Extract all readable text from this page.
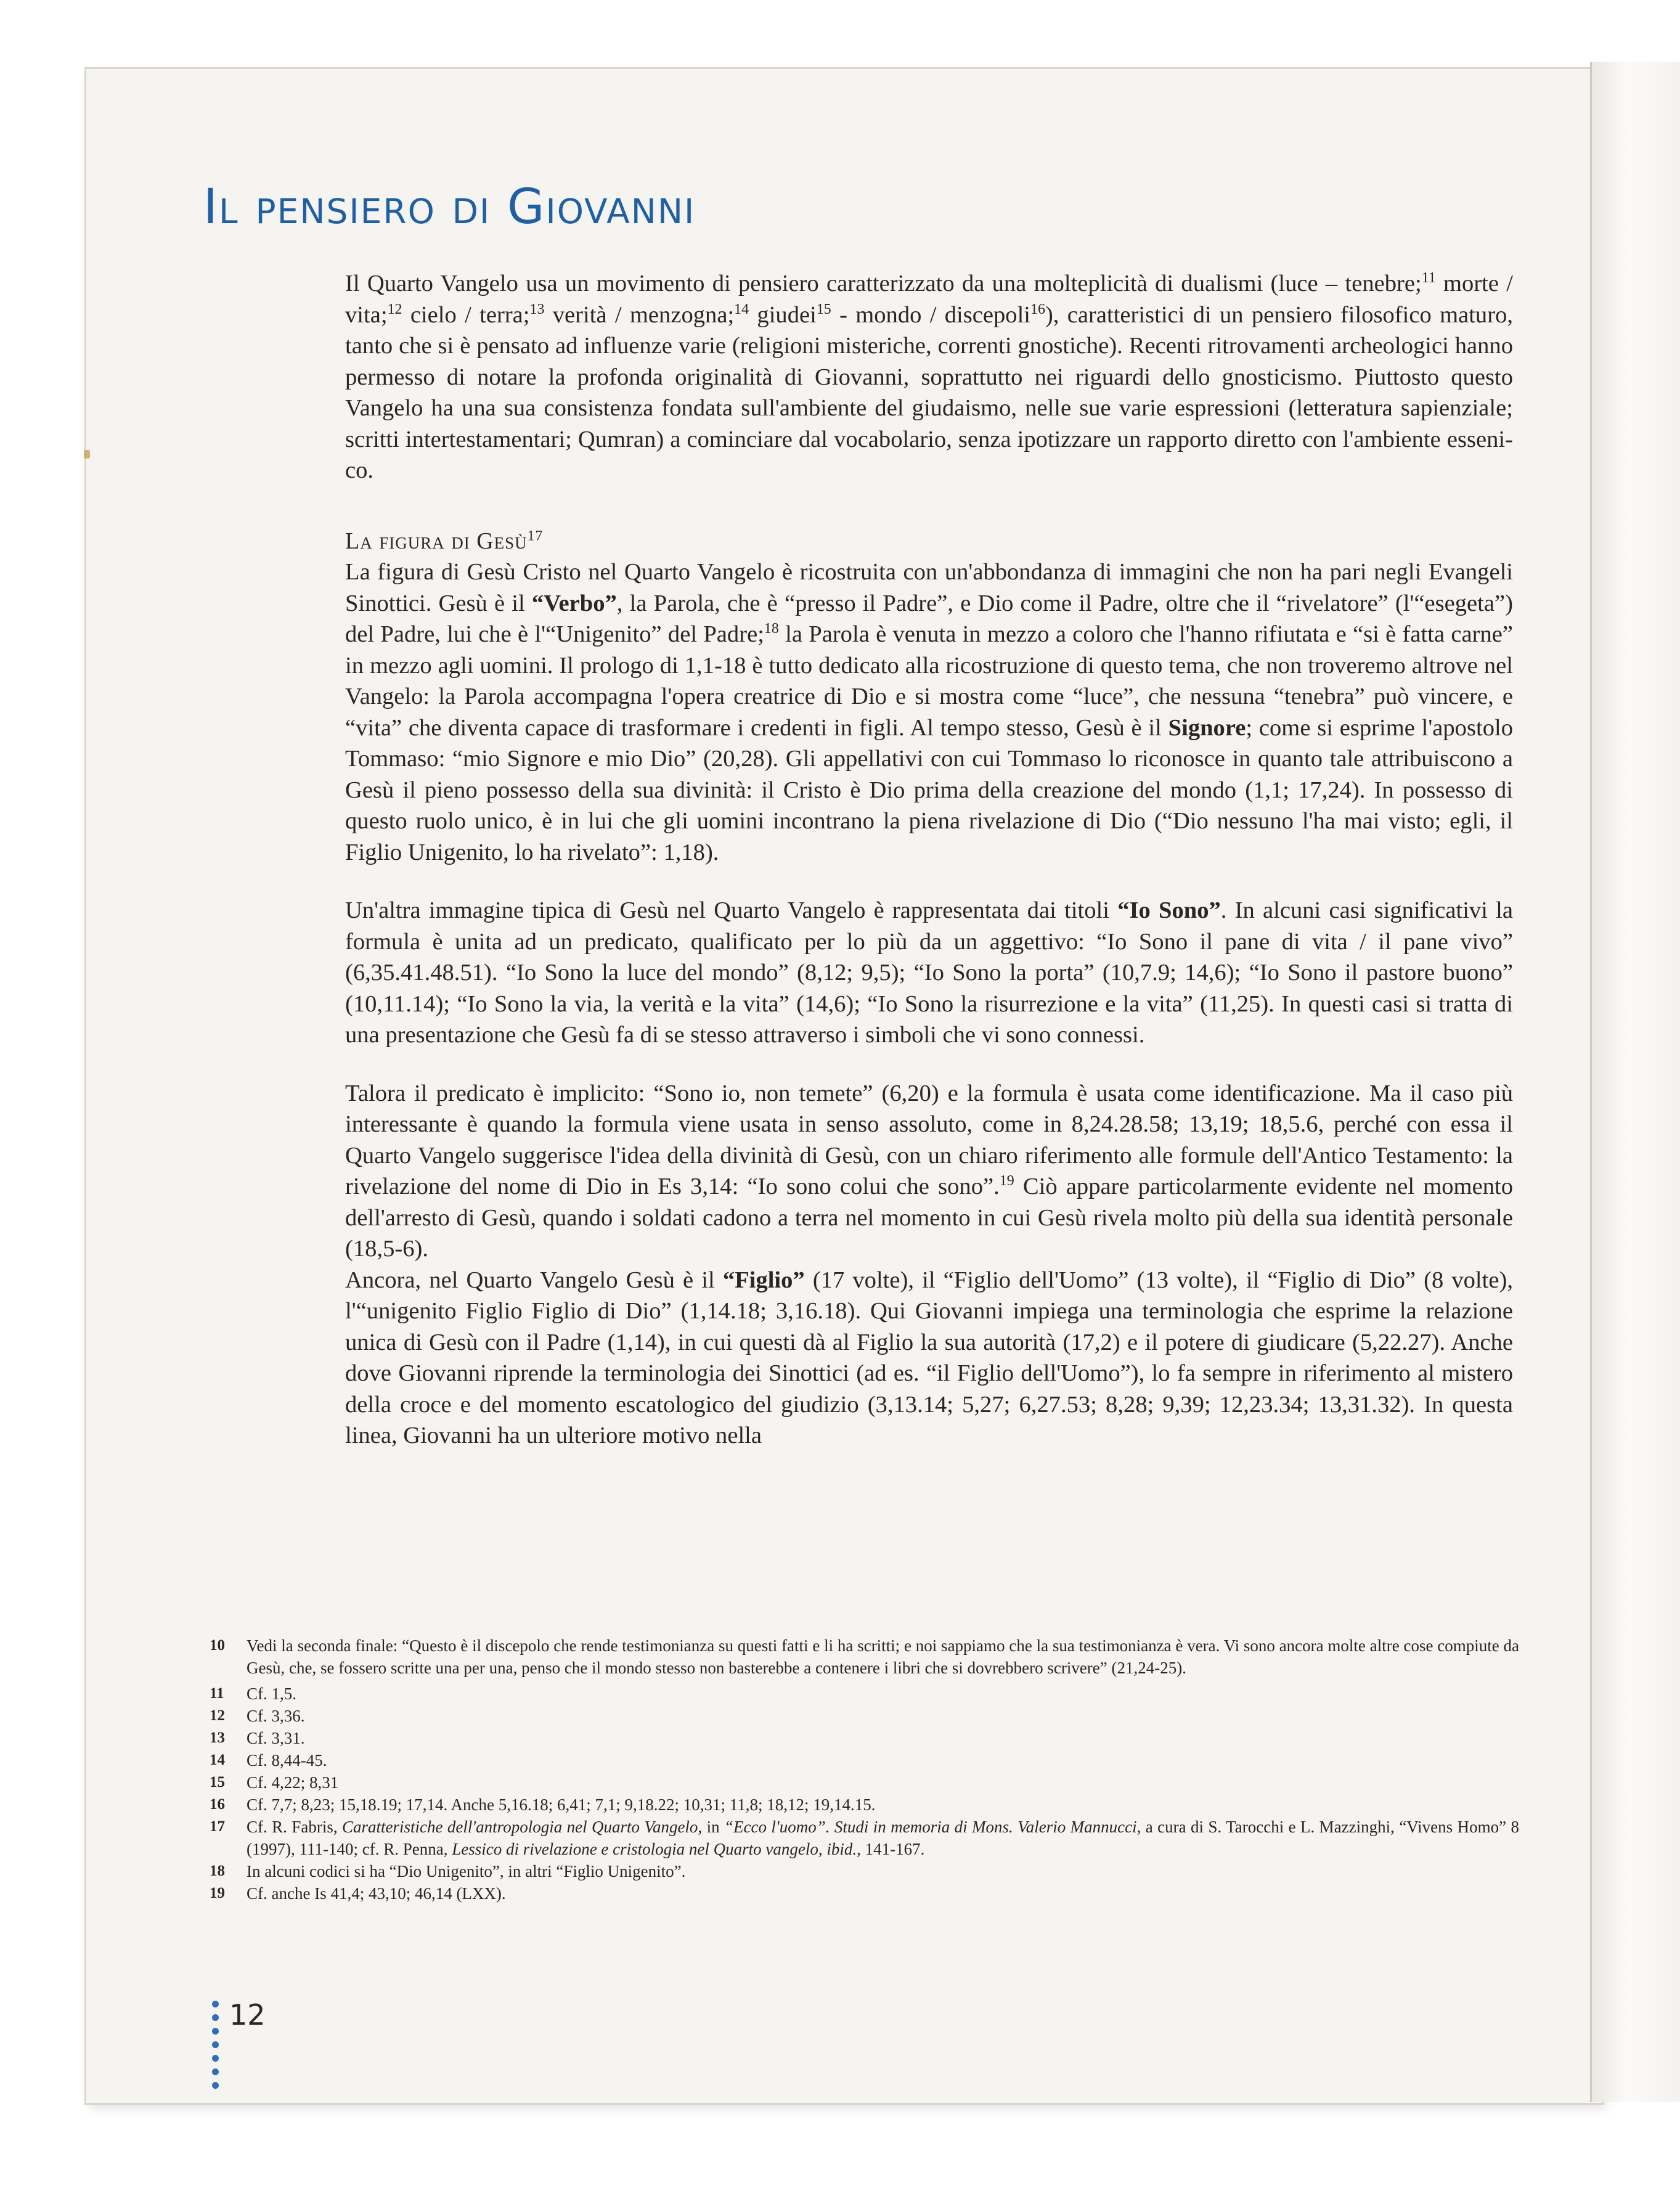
Il pensiero di Giovanni

Il Quarto Vangelo usa un movimento di pensiero caratterizzato da una molteplicità di dualismi (luce – tenebre;$^{11}$ morte / vita;$^{12}$ cielo / terra;$^{13}$ verità / menzogna;$^{14}$ giudei$^{15}$ - mondo / discepoli$^{16}$), caratteristici di un pensiero filosofico maturo, tanto che si è pensato ad influenze varie (religioni misteriche, correnti gnostiche). Recenti ritrovamenti archeologici hanno permesso di notare la profonda originalità di Giovanni, soprattutto nei riguardi dello gnosticismo. Piuttosto questo Vangelo ha una sua consistenza fondata sull'ambiente del giudaismo, nelle sue varie espressioni (letteratura sapienziale; scritti intertestamentari; Qumran) a cominciare dal vocabolario, senza ipotizzare un rapporto diretto con l'ambiente esseni-co.

La figura di Gesù$^{17}$

La figura di Gesù Cristo nel Quarto Vangelo è ricostruita con un'abbondanza di immagini che non ha pari negli Evangeli Sinottici. Gesù è il “Verbo”, la Parola, che è “presso il Padre”, e Dio come il Padre, oltre che il “rivelatore” (l'“esegeta”) del Padre, lui che è l'“Unigenito” del Padre;$^{18}$ la Parola è venuta in mezzo a coloro che l'hanno rifiutata e “si è fatta carne” in mezzo agli uomini. Il prologo di 1,1-18 è tutto dedicato alla ricostruzione di questo tema, che non troveremo altrove nel Vangelo: la Parola accompagna l'opera creatrice di Dio e si mostra come “luce”, che nessuna “tenebra” può vincere, e “vita” che diventa capace di trasformare i credenti in figli. Al tempo stesso, Gesù è il Signore; come si esprime l'apostolo Tommaso: “mio Signore e mio Dio” (20,28). Gli appellativi con cui Tommaso lo riconosce in quanto tale attribuiscono a Gesù il pieno possesso della sua divinità: il Cristo è Dio prima della creazione del mondo (1,1; 17,24). In possesso di questo ruolo unico, è in lui che gli uomini incontrano la piena rivelazione di Dio (“Dio nessuno l'ha mai visto; egli, il Figlio Unigenito, lo ha rivelato”: 1,18).

Un'altra immagine tipica di Gesù nel Quarto Vangelo è rappresentata dai titoli “Io Sono”. In alcuni casi significativi la formula è unita ad un predicato, qualificato per lo più da un aggettivo: “Io Sono il pane di vita / il pane vivo” (6,35.41.48.51). “Io Sono la luce del mondo” (8,12; 9,5); “Io Sono la porta” (10,7.9; 14,6); “Io Sono il pastore buono” (10,11.14); “Io Sono la via, la verità e la vita” (14,6); “Io Sono la risurrezione e la vita” (11,25). In questi casi si tratta di una presentazione che Gesù fa di se stesso attraverso i simboli che vi sono connessi.

Talora il predicato è implicito: “Sono io, non temete” (6,20) e la formula è usata come identificazione. Ma il caso più interessante è quando la formula viene usata in senso assoluto, come in 8,24.28.58; 13,19; 18,5.6, perché con essa il Quarto Vangelo suggerisce l'idea della divinità di Gesù, con un chiaro riferimento alle formule dell'Antico Testamento: la rivelazione del nome di Dio in Es 3,14: “Io sono colui che sono”.$^{19}$ Ciò appare particolarmente evidente nel momento dell'arresto di Gesù, quando i soldati cadono a terra nel momento in cui Gesù rivela molto più della sua identità personale (18,5-6).

Ancora, nel Quarto Vangelo Gesù è il “Figlio” (17 volte), il “Figlio dell'Uomo” (13 volte), il “Figlio di Dio” (8 volte), l'“unigenito Figlio Figlio di Dio” (1,14.18; 3,16.18). Qui Giovanni impiega una terminologia che esprime la relazione unica di Gesù con il Padre (1,14), in cui questi dà al Figlio la sua autorità (17,2) e il potere di giudicare (5,22.27). Anche dove Giovanni riprende la terminologia dei Sinottici (ad es. “il Figlio dell'Uomo”), lo fa sempre in riferimento al mistero della croce e del momento escatologico del giudizio (3,13.14; 5,27; 6,27.53; 8,28; 9,39; 12,23.34; 13,31.32). In questa linea, Giovanni ha un ulteriore motivo nella

10	Vedi la seconda finale: “Questo è il discepolo che rende testimonianza su questi fatti e li ha scritti; e noi sappiamo che la sua testimonianza è vera. Vi sono ancora molte altre cose compiute da Gesù, che, se fossero scritte una per una, penso che il mondo stesso non basterebbe a contenere i libri che si dovrebbero scrivere” (21,24-25).
11	Cf. 1,5.
12	Cf. 3,36.
13	Cf. 3,31.
14	Cf. 8,44-45.
15	Cf. 4,22; 8,31
16	Cf. 7,7; 8,23; 15,18.19; 17,14. Anche 5,16.18; 6,41; 7,1; 9,18.22; 10,31; 11,8; 18,12; 19,14.15.
17	Cf. R. Fabris, Caratteristiche dell'antropologia nel Quarto Vangelo, in “Ecco l'uomo”. Studi in memoria di Mons. Valerio Mannucci, a cura di S. Tarocchi e L. Mazzinghi, “Vivens Homo” 8 (1997), 111-140; cf. R. Penna, Lessico di rivelazione e cristologia nel Quarto vangelo, ibid., 141-167.
18	In alcuni codici si ha “Dio Unigenito”, in altri “Figlio Unigenito”.
19	Cf. anche Is 41,4; 43,10; 46,14 (LXX).
12
